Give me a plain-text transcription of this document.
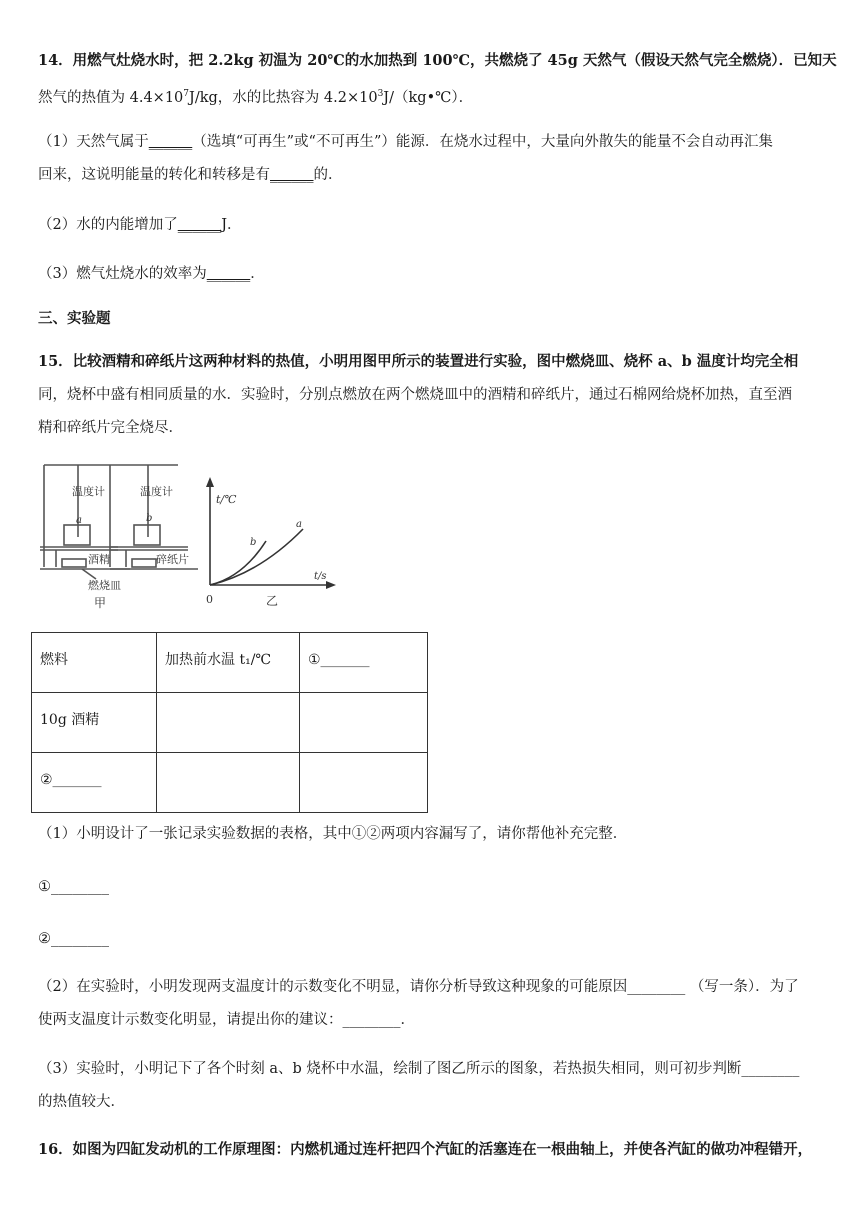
14．用燃气灶烧水时，把 2.2kg 初温为 20℃的水加热到 100℃，共燃烧了 45g 天然气（假设天然气完全燃烧）．已知天
然气的热值为 $4.4\times 10^7J/kg$，水的比热容为 $4.2\times 10^3J/(kg•℃)$．
（1）天然气属于______（选填“可再生”或“不可再生”）能源．在烧水过程中，大量向外散失的能量不会自动再汇集
回来，这说明能量的转化和转移是有______的．
（2）水的内能增加了______J．
（3）燃气灶烧水的效率为______．
三、实验题
15．比较酒精和碎纸片这两种材料的热值，小明用图甲所示的装置进行实验，图中燃烧皿、烧杯 a、b 温度计均完全相
同，烧杯中盛有相同质量的水．实验时，分别点燃放在两个燃烧皿中的酒精和碎纸片，通过石棉网给烧杯加热，直至酒
精和碎纸片完全烧尽．
温度计	温度计
a	b
酒精	碎纸片
燃烧皿
甲
t/℃
t/s
0
b
a
乙
燃料	加热前水温 t₁/℃	①_______
10g 酒精		
②_______		
（1）小明设计了一张记录实验数据的表格，其中①②两项内容漏写了，请你帮他补充完整．
①________
②________
（2）在实验时，小明发现两支温度计的示数变化不明显，请你分析导致这种现象的可能原因________ （写一条）．为了
使两支温度计示数变化明显，请提出你的建议：________．
（3）实验时，小明记下了各个时刻 a、b 烧杯中水温，绘制了图乙所示的图象，若热损失相同，则可初步判断________
的热值较大．
16．如图为四缸发动机的工作原理图：内燃机通过连杆把四个汽缸的活塞连在一根曲轴上，并使各汽缸的做功冲程错开，
